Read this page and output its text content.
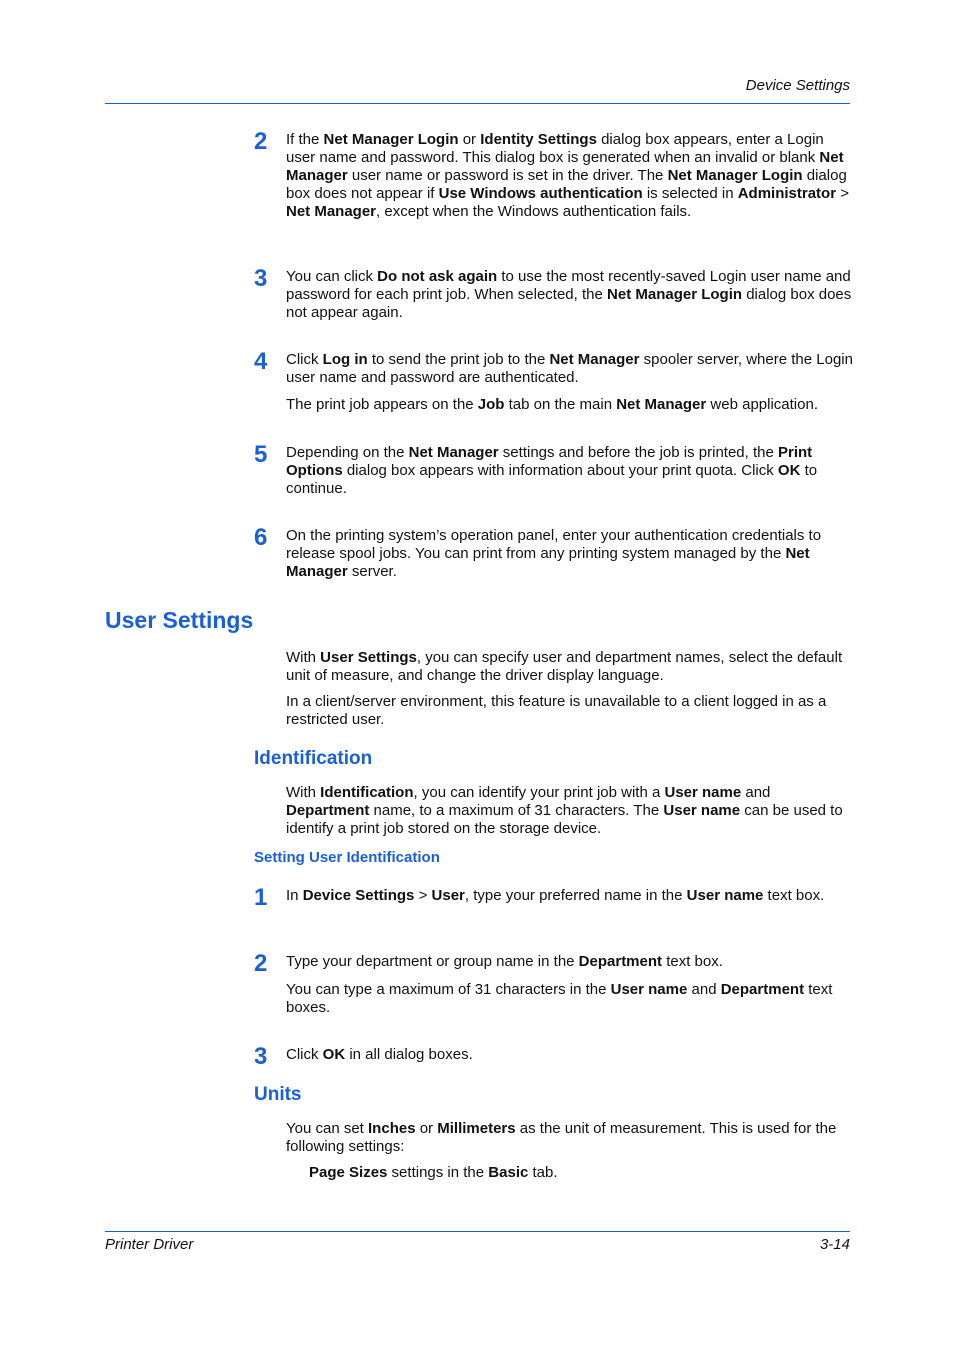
Device Settings
2 If the Net Manager Login or Identity Settings dialog box appears, enter a Login user name and password. This dialog box is generated when an invalid or blank Net Manager user name or password is set in the driver. The Net Manager Login dialog box does not appear if Use Windows authentication is selected in Administrator > Net Manager, except when the Windows authentication fails.

3 You can click Do not ask again to use the most recently-saved Login user name and password for each print job. When selected, the Net Manager Login dialog box does not appear again.

4 Click Log in to send the print job to the Net Manager spooler server, where the Login user name and password are authenticated.

The print job appears on the Job tab on the main Net Manager web application.

5 Depending on the Net Manager settings and before the job is printed, the Print Options dialog box appears with information about your print quota. Click OK to continue.

6 On the printing system’s operation panel, enter your authentication credentials to release spool jobs. You can print from any printing system managed by the Net Manager server.

User Settings

With User Settings, you can specify user and department names, select the default unit of measure, and change the driver display language.

In a client/server environment, this feature is unavailable to a client logged in as a restricted user.

Identification

With Identification, you can identify your print job with a User name and Department name, to a maximum of 31 characters. The User name can be used to identify a print job stored on the storage device.

Setting User Identification
1 In Device Settings > User, type your preferred name in the User name text box.

2 Type your department or group name in the Department text box.

You can type a maximum of 31 characters in the User name and Department text boxes.

3 Click OK in all dialog boxes.

Units

You can set Inches or Millimeters as the unit of measurement. This is used for the following settings:

Page Sizes settings in the Basic tab.

Printer Driver	3-14
